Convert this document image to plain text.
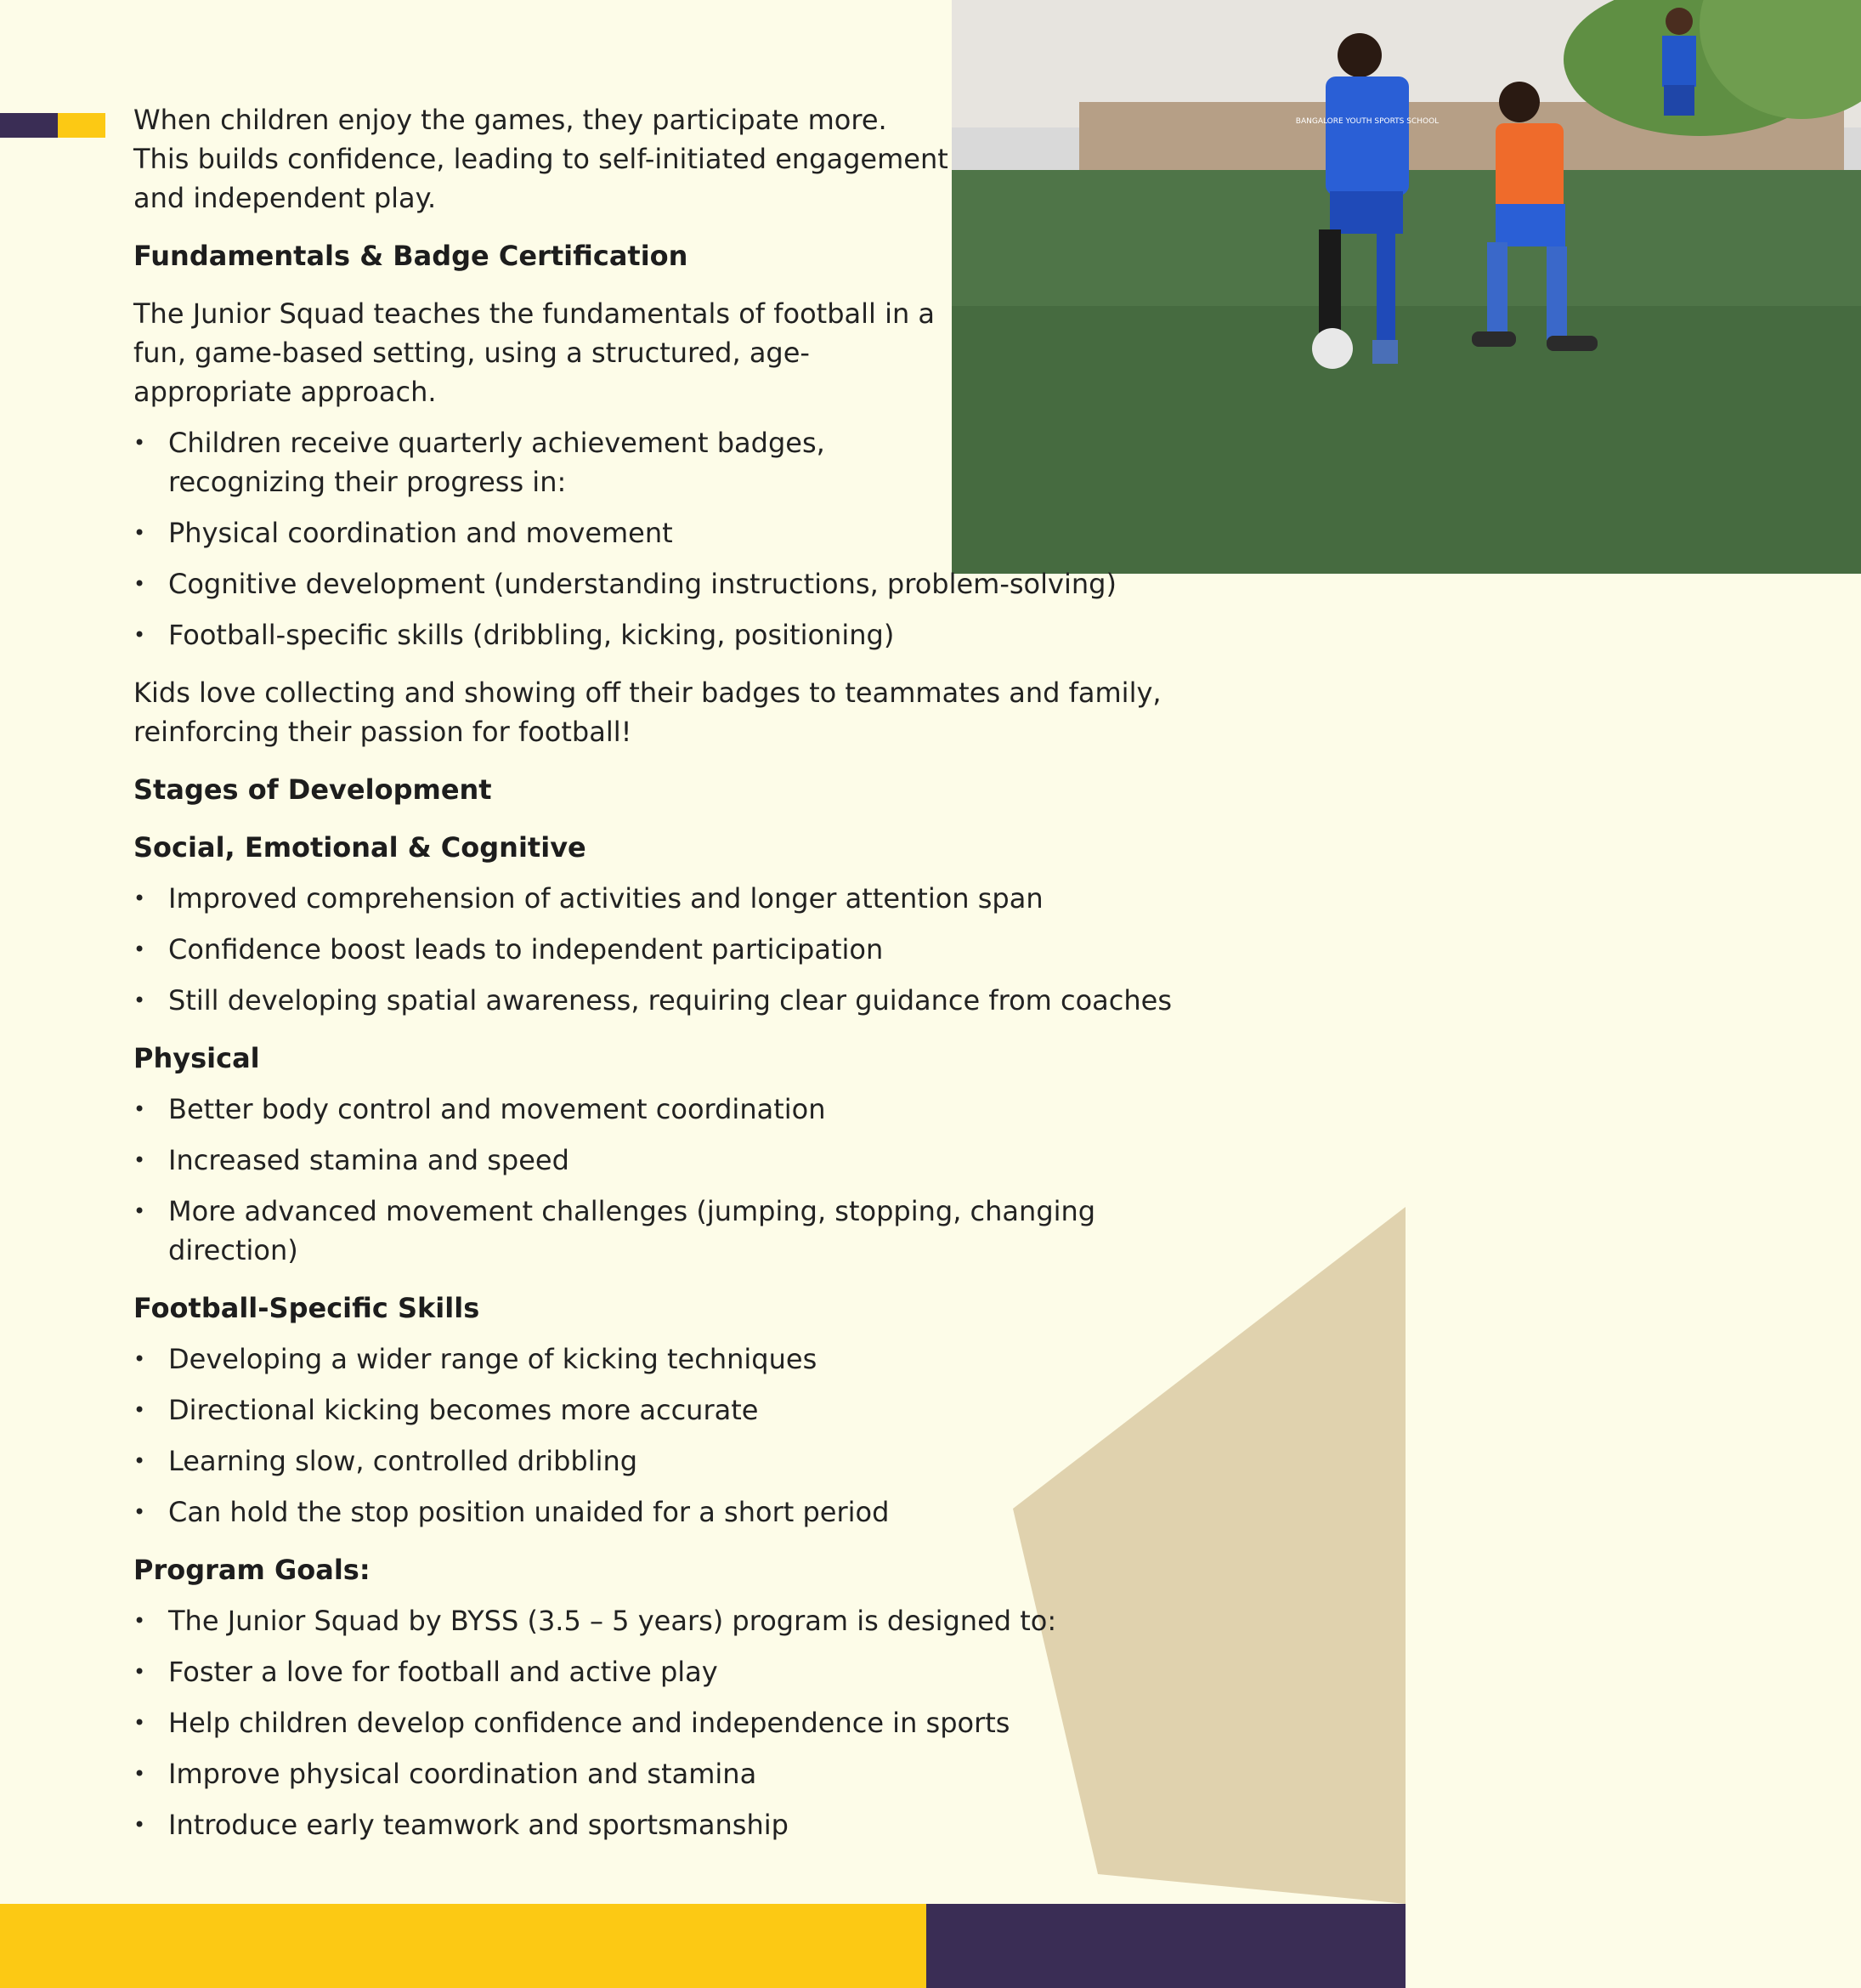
BANGALORE YOUTH SPORTS SCHOOL

When children enjoy the games, they participate more. This builds confidence, leading to self-initiated engagement and independent play.

Fundamentals & Badge Certification

The Junior Squad teaches the fundamentals of football in a fun, game-based setting, using a structured, age-appropriate approach.

• Children receive quarterly achievement badges, recognizing their progress in:
• Physical coordination and movement
• Cognitive development (understanding instructions, problem-solving)
• Football-specific skills (dribbling, kicking, positioning)

Kids love collecting and showing off their badges to teammates and family, reinforcing their passion for football!

Stages of Development
Social, Emotional & Cognitive
• Improved comprehension of activities and longer attention span
• Confidence boost leads to independent participation
• Still developing spatial awareness, requiring clear guidance from coaches
Physical
• Better body control and movement coordination
• Increased stamina and speed
• More advanced movement challenges (jumping, stopping, changing direction)
Football-Specific Skills
• Developing a wider range of kicking techniques
• Directional kicking becomes more accurate
• Learning slow, controlled dribbling
• Can hold the stop position unaided for a short period
Program Goals:
• The Junior Squad by BYSS (3.5 – 5 years) program is designed to:
• Foster a love for football and active play
• Help children develop confidence and independence in sports
• Improve physical coordination and stamina
• Introduce early teamwork and sportsmanship
